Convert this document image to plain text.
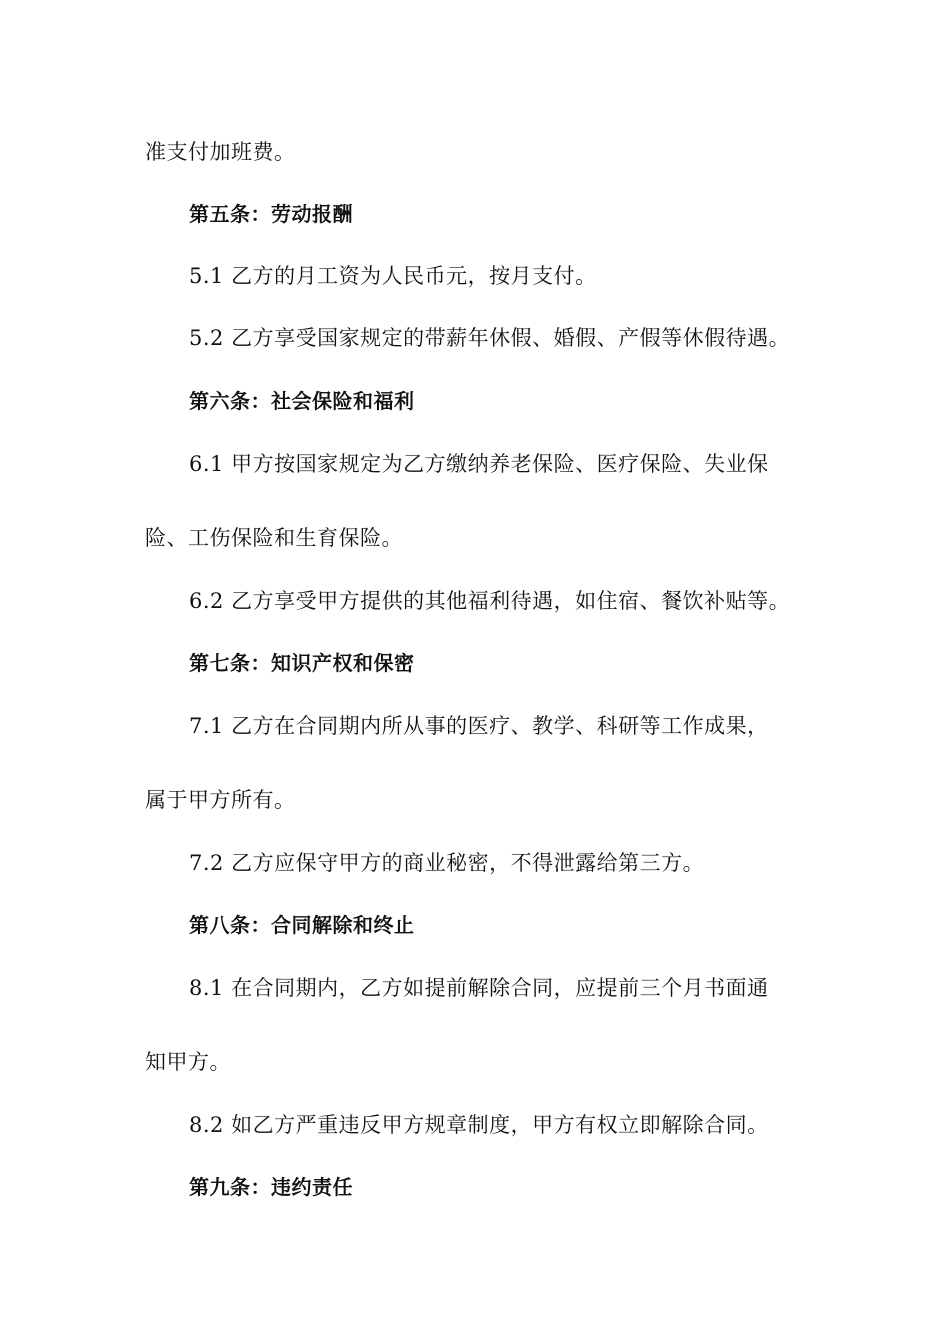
准支付加班费。
第五条：劳动报酬
5.1 乙方的月工资为人民币元，按月支付。
5.2 乙方享受国家规定的带薪年休假、婚假、产假等休假待遇。
第六条：社会保险和福利
6.1 甲方按国家规定为乙方缴纳养老保险、医疗保险、失业保
险、工伤保险和生育保险。
6.2 乙方享受甲方提供的其他福利待遇，如住宿、餐饮补贴等。
第七条：知识产权和保密
7.1 乙方在合同期内所从事的医疗、教学、科研等工作成果，
属于甲方所有。
7.2 乙方应保守甲方的商业秘密，不得泄露给第三方。
第八条：合同解除和终止
8.1 在合同期内，乙方如提前解除合同，应提前三个月书面通
知甲方。
8.2 如乙方严重违反甲方规章制度，甲方有权立即解除合同。
第九条：违约责任
